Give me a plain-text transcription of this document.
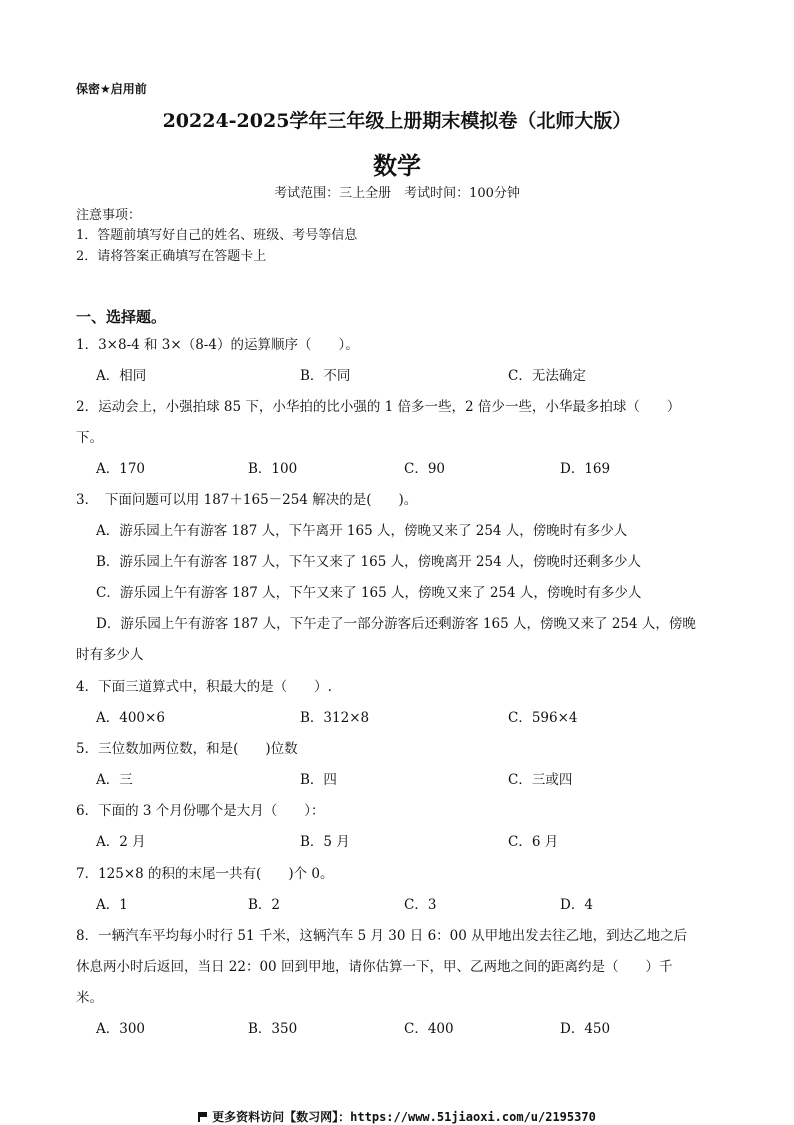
保密★启用前
20224-2025学年三年级上册期末模拟卷（北师大版）
数学
考试范围：三上全册　考试时间：100分钟
注意事项：
1．答题前填写好自己的姓名、班级、考号等信息
2．请将答案正确填写在答题卡上
一、选择题。
1．3×8-4 和 3×（8-4）的运算顺序（　　）。
A．相同	B．不同	C．无法确定
2．运动会上，小强拍球 85 下，小华拍的比小强的 1 倍多一些，2 倍少一些，小华最多拍球（　　）
下。
A．170	B．100	C．90	D．169
3．　下面问题可以用 187＋165－254 解决的是(　　)。
A．游乐园上午有游客 187 人，下午离开 165 人，傍晚又来了 254 人，傍晚时有多少人
B．游乐园上午有游客 187 人，下午又来了 165 人，傍晚离开 254 人，傍晚时还剩多少人
C．游乐园上午有游客 187 人，下午又来了 165 人，傍晚又来了 254 人，傍晚时有多少人
D．游乐园上午有游客 187 人，下午走了一部分游客后还剩游客 165 人，傍晚又来了 254 人，傍晚
时有多少人
4．下面三道算式中，积最大的是（　　）.
A．400×6	B．312×8	C．596×4
5．三位数加两位数，和是(　　)位数
A．三	B．四	C．三或四
6．下面的 3 个月份哪个是大月（　　）：
A．2 月	B．5 月	C．6 月
7．125×8 的积的末尾一共有(　　)个 0。
A．1	B．2	C．3	D．4
8．一辆汽车平均每小时行 51 千米，这辆汽车 5 月 30 日 6：00 从甲地出发去往乙地，到达乙地之后
休息两小时后返回，当日 22：00 回到甲地，请你估算一下，甲、乙两地之间的距离约是（　　）千
米。
A．300	B．350	C．400	D．450
更多资料访问【数习网】：https://www.51jiaoxi.com/u/2195370
